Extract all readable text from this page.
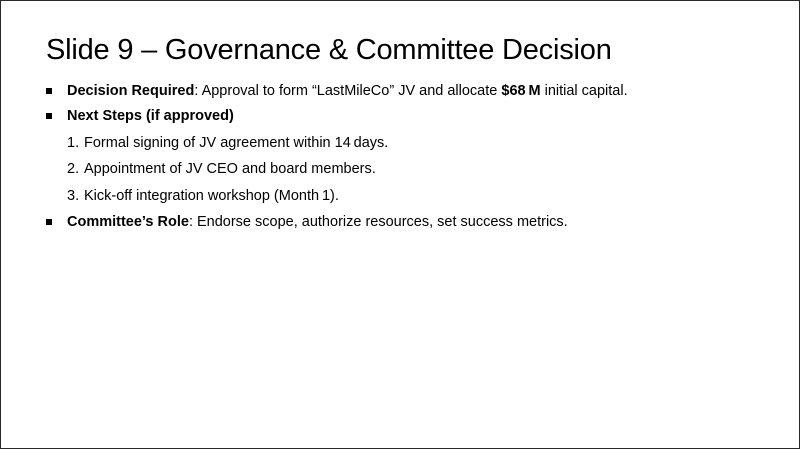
Slide 9 – Governance & Committee Decision
Decision Required: Approval to form “LastMileCo” JV and allocate $68 M initial capital.
Next Steps (if approved)
1. Formal signing of JV agreement within 14 days.
2. Appointment of JV CEO and board members.
3. Kick-off integration workshop (Month 1).
Committee’s Role: Endorse scope, authorize resources, set success metrics.
